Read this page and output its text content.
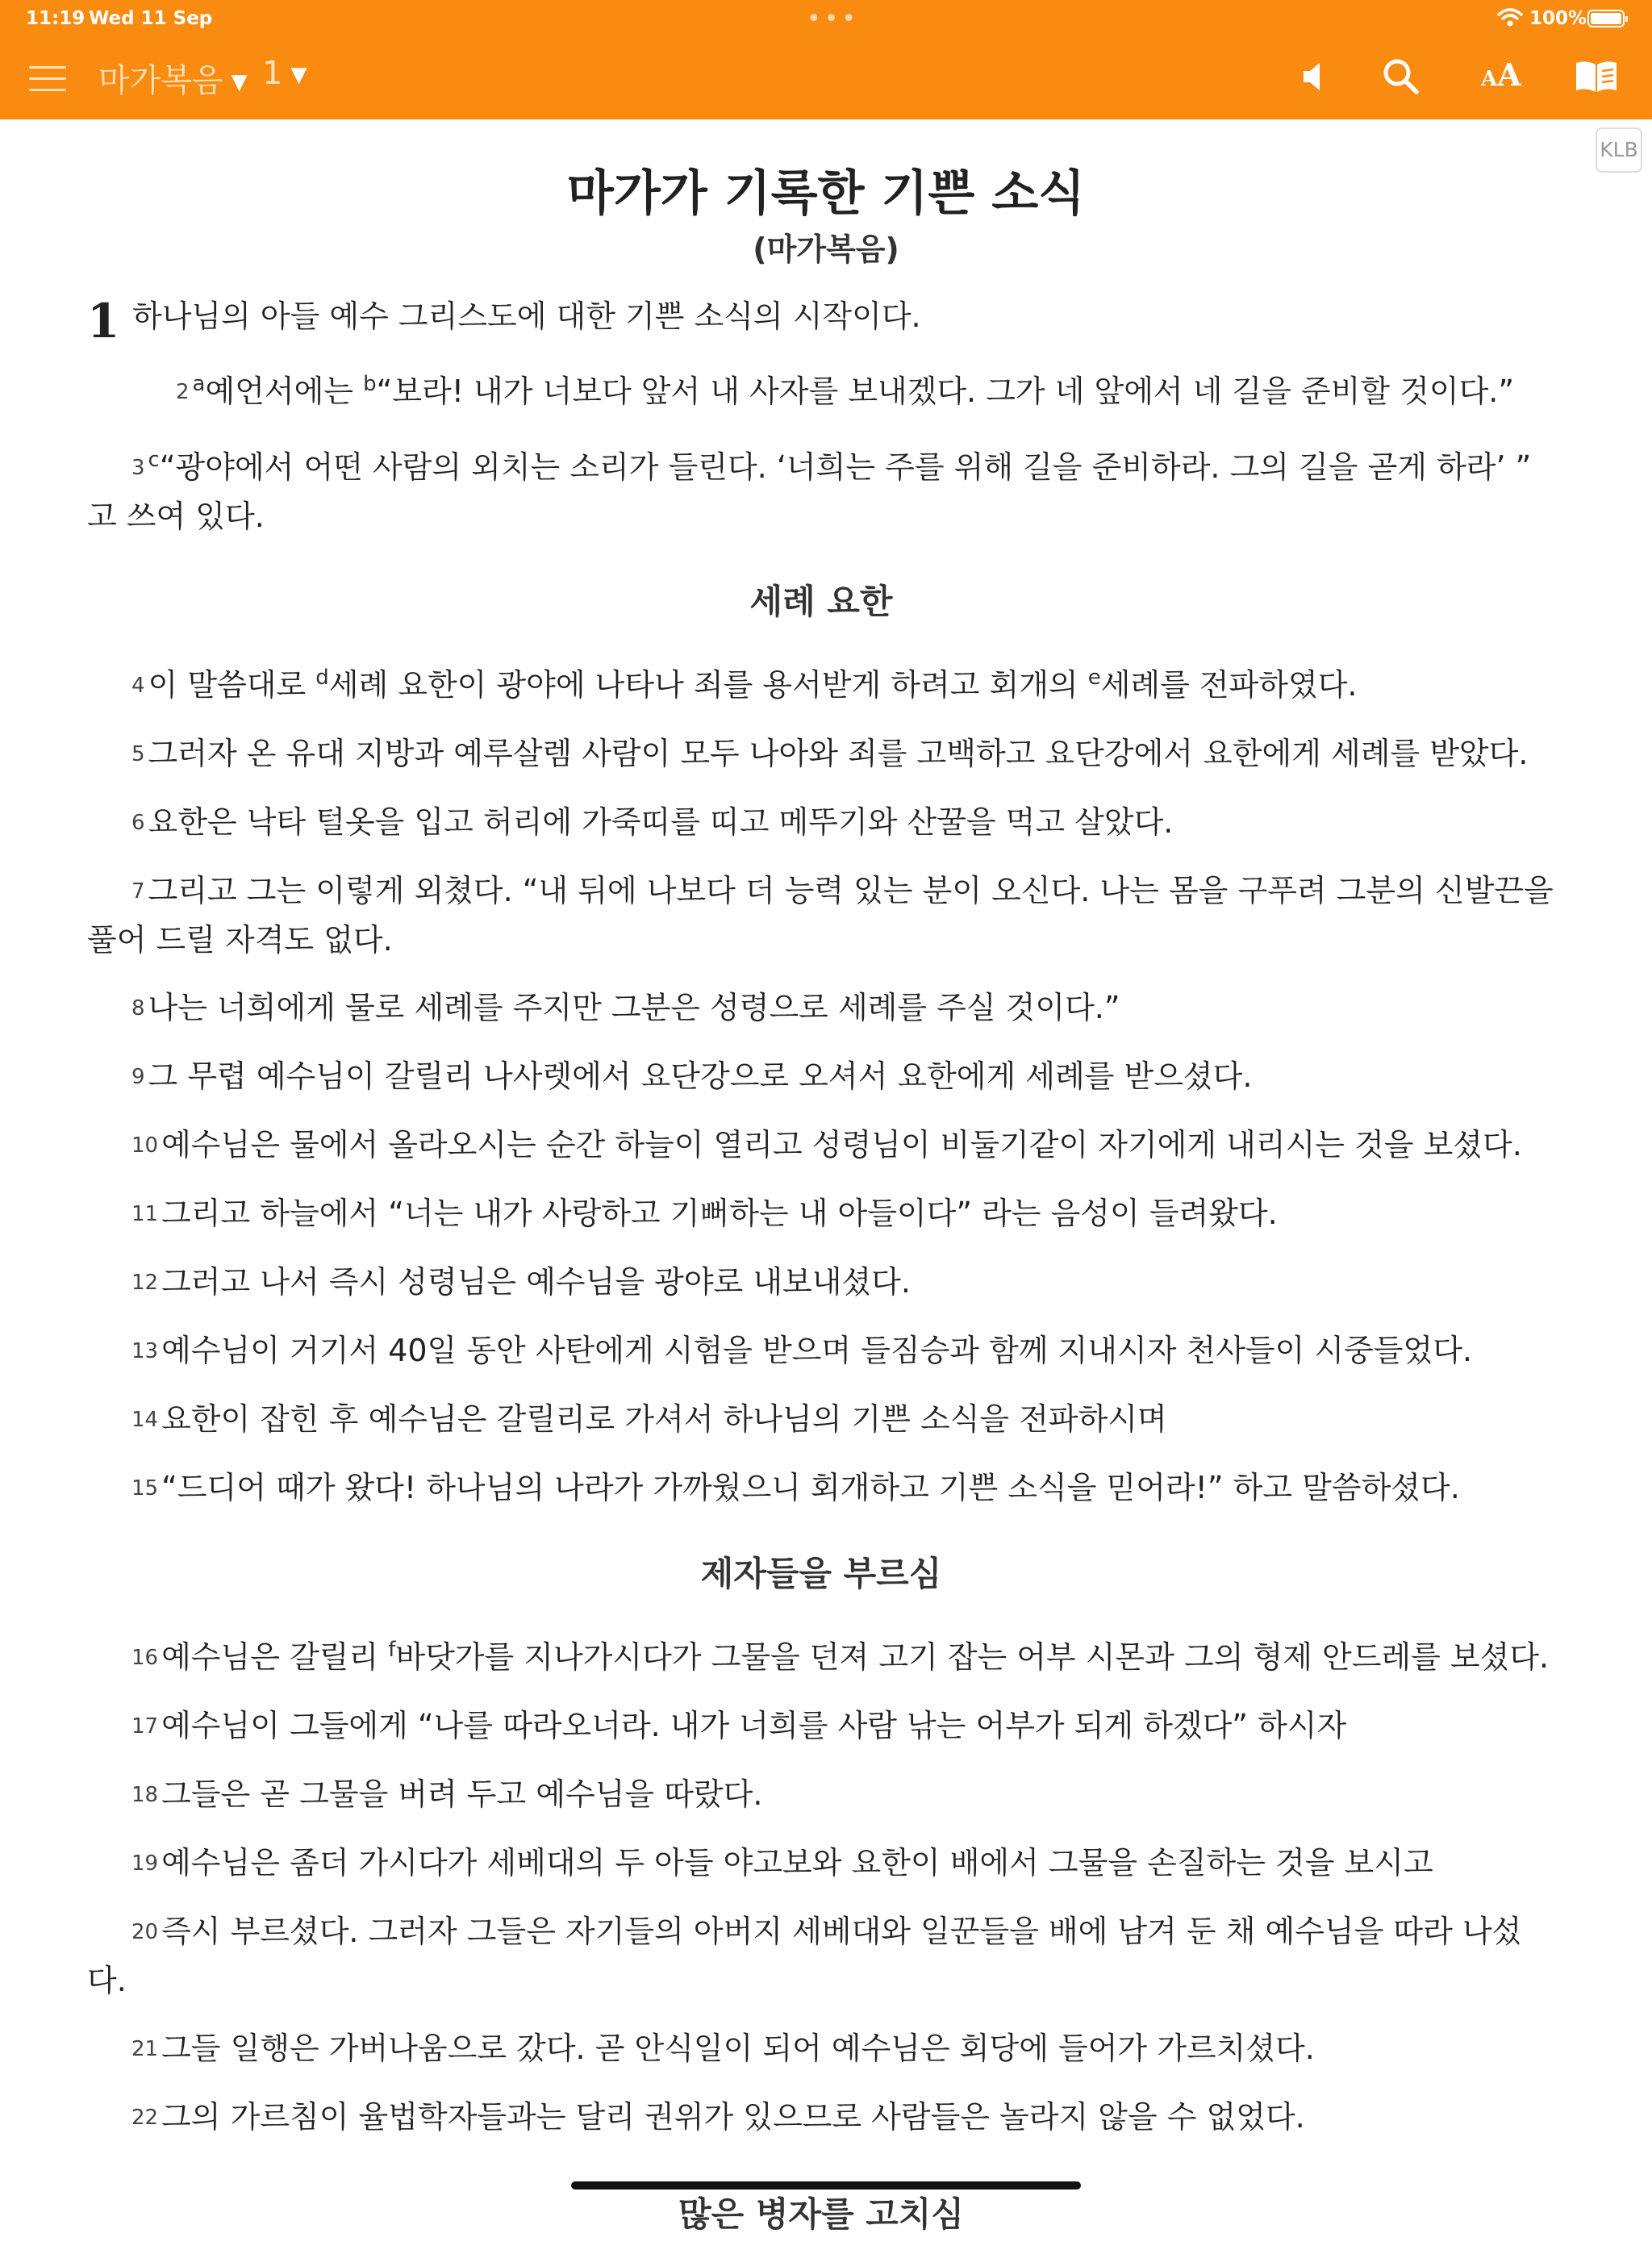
11:19 Wed 11 Sep	•••	100%
마가복음 ▼ 1 ▼	AA
KLB
마가가 기록한 기쁜 소식
(마가복음)

1 하나님의 아들 예수 그리스도에 대한 기쁜 소식의 시작이다.

2 $^a$예언서에는 $^b$“보라! 내가 너보다 앞서 내 사자를 보내겠다. 그가 네 앞에서 네 길을 준비할 것이다.”

3 $^c$“광야에서 어떤 사람의 외치는 소리가 들린다. ‘너희는 주를 위해 길을 준비하라. 그의 길을 곧게 하라’ ” 고 쓰여 있다.

세례 요한

4 이 말씀대로 $^d$세례 요한이 광야에 나타나 죄를 용서받게 하려고 회개의 $^e$세례를 전파하였다.

5 그러자 온 유대 지방과 예루살렘 사람이 모두 나아와 죄를 고백하고 요단강에서 요한에게 세례를 받았다.

6 요한은 낙타 털옷을 입고 허리에 가죽띠를 띠고 메뚜기와 산꿀을 먹고 살았다.

7 그리고 그는 이렇게 외쳤다. “내 뒤에 나보다 더 능력 있는 분이 오신다. 나는 몸을 구푸려 그분의 신발끈을 풀어 드릴 자격도 없다.

8 나는 너희에게 물로 세례를 주지만 그분은 성령으로 세례를 주실 것이다.”

9 그 무렵 예수님이 갈릴리 나사렛에서 요단강으로 오셔서 요한에게 세례를 받으셨다.

10 예수님은 물에서 올라오시는 순간 하늘이 열리고 성령님이 비둘기같이 자기에게 내리시는 것을 보셨다.

11 그리고 하늘에서 “너는 내가 사랑하고 기뻐하는 내 아들이다” 라는 음성이 들려왔다.

12 그러고 나서 즉시 성령님은 예수님을 광야로 내보내셨다.

13 예수님이 거기서 40일 동안 사탄에게 시험을 받으며 들짐승과 함께 지내시자 천사들이 시중들었다.

14 요한이 잡힌 후 예수님은 갈릴리로 가셔서 하나님의 기쁜 소식을 전파하시며

15 “드디어 때가 왔다! 하나님의 나라가 가까웠으니 회개하고 기쁜 소식을 믿어라!” 하고 말씀하셨다.

제자들을 부르심

16 예수님은 갈릴리 $^f$바닷가를 지나가시다가 그물을 던져 고기 잡는 어부 시몬과 그의 형제 안드레를 보셨다.

17 예수님이 그들에게 “나를 따라오너라. 내가 너희를 사람 낚는 어부가 되게 하겠다” 하시자

18 그들은 곧 그물을 버려 두고 예수님을 따랐다.

19 예수님은 좀더 가시다가 세베대의 두 아들 야고보와 요한이 배에서 그물을 손질하는 것을 보시고

20 즉시 부르셨다. 그러자 그들은 자기들의 아버지 세베대와 일꾼들을 배에 남겨 둔 채 예수님을 따라 나섰다.

21 그들 일행은 가버나움으로 갔다. 곧 안식일이 되어 예수님은 회당에 들어가 가르치셨다.

22 그의 가르침이 율법학자들과는 달리 권위가 있으므로 사람들은 놀라지 않을 수 없었다.

많은 병자를 고치심
